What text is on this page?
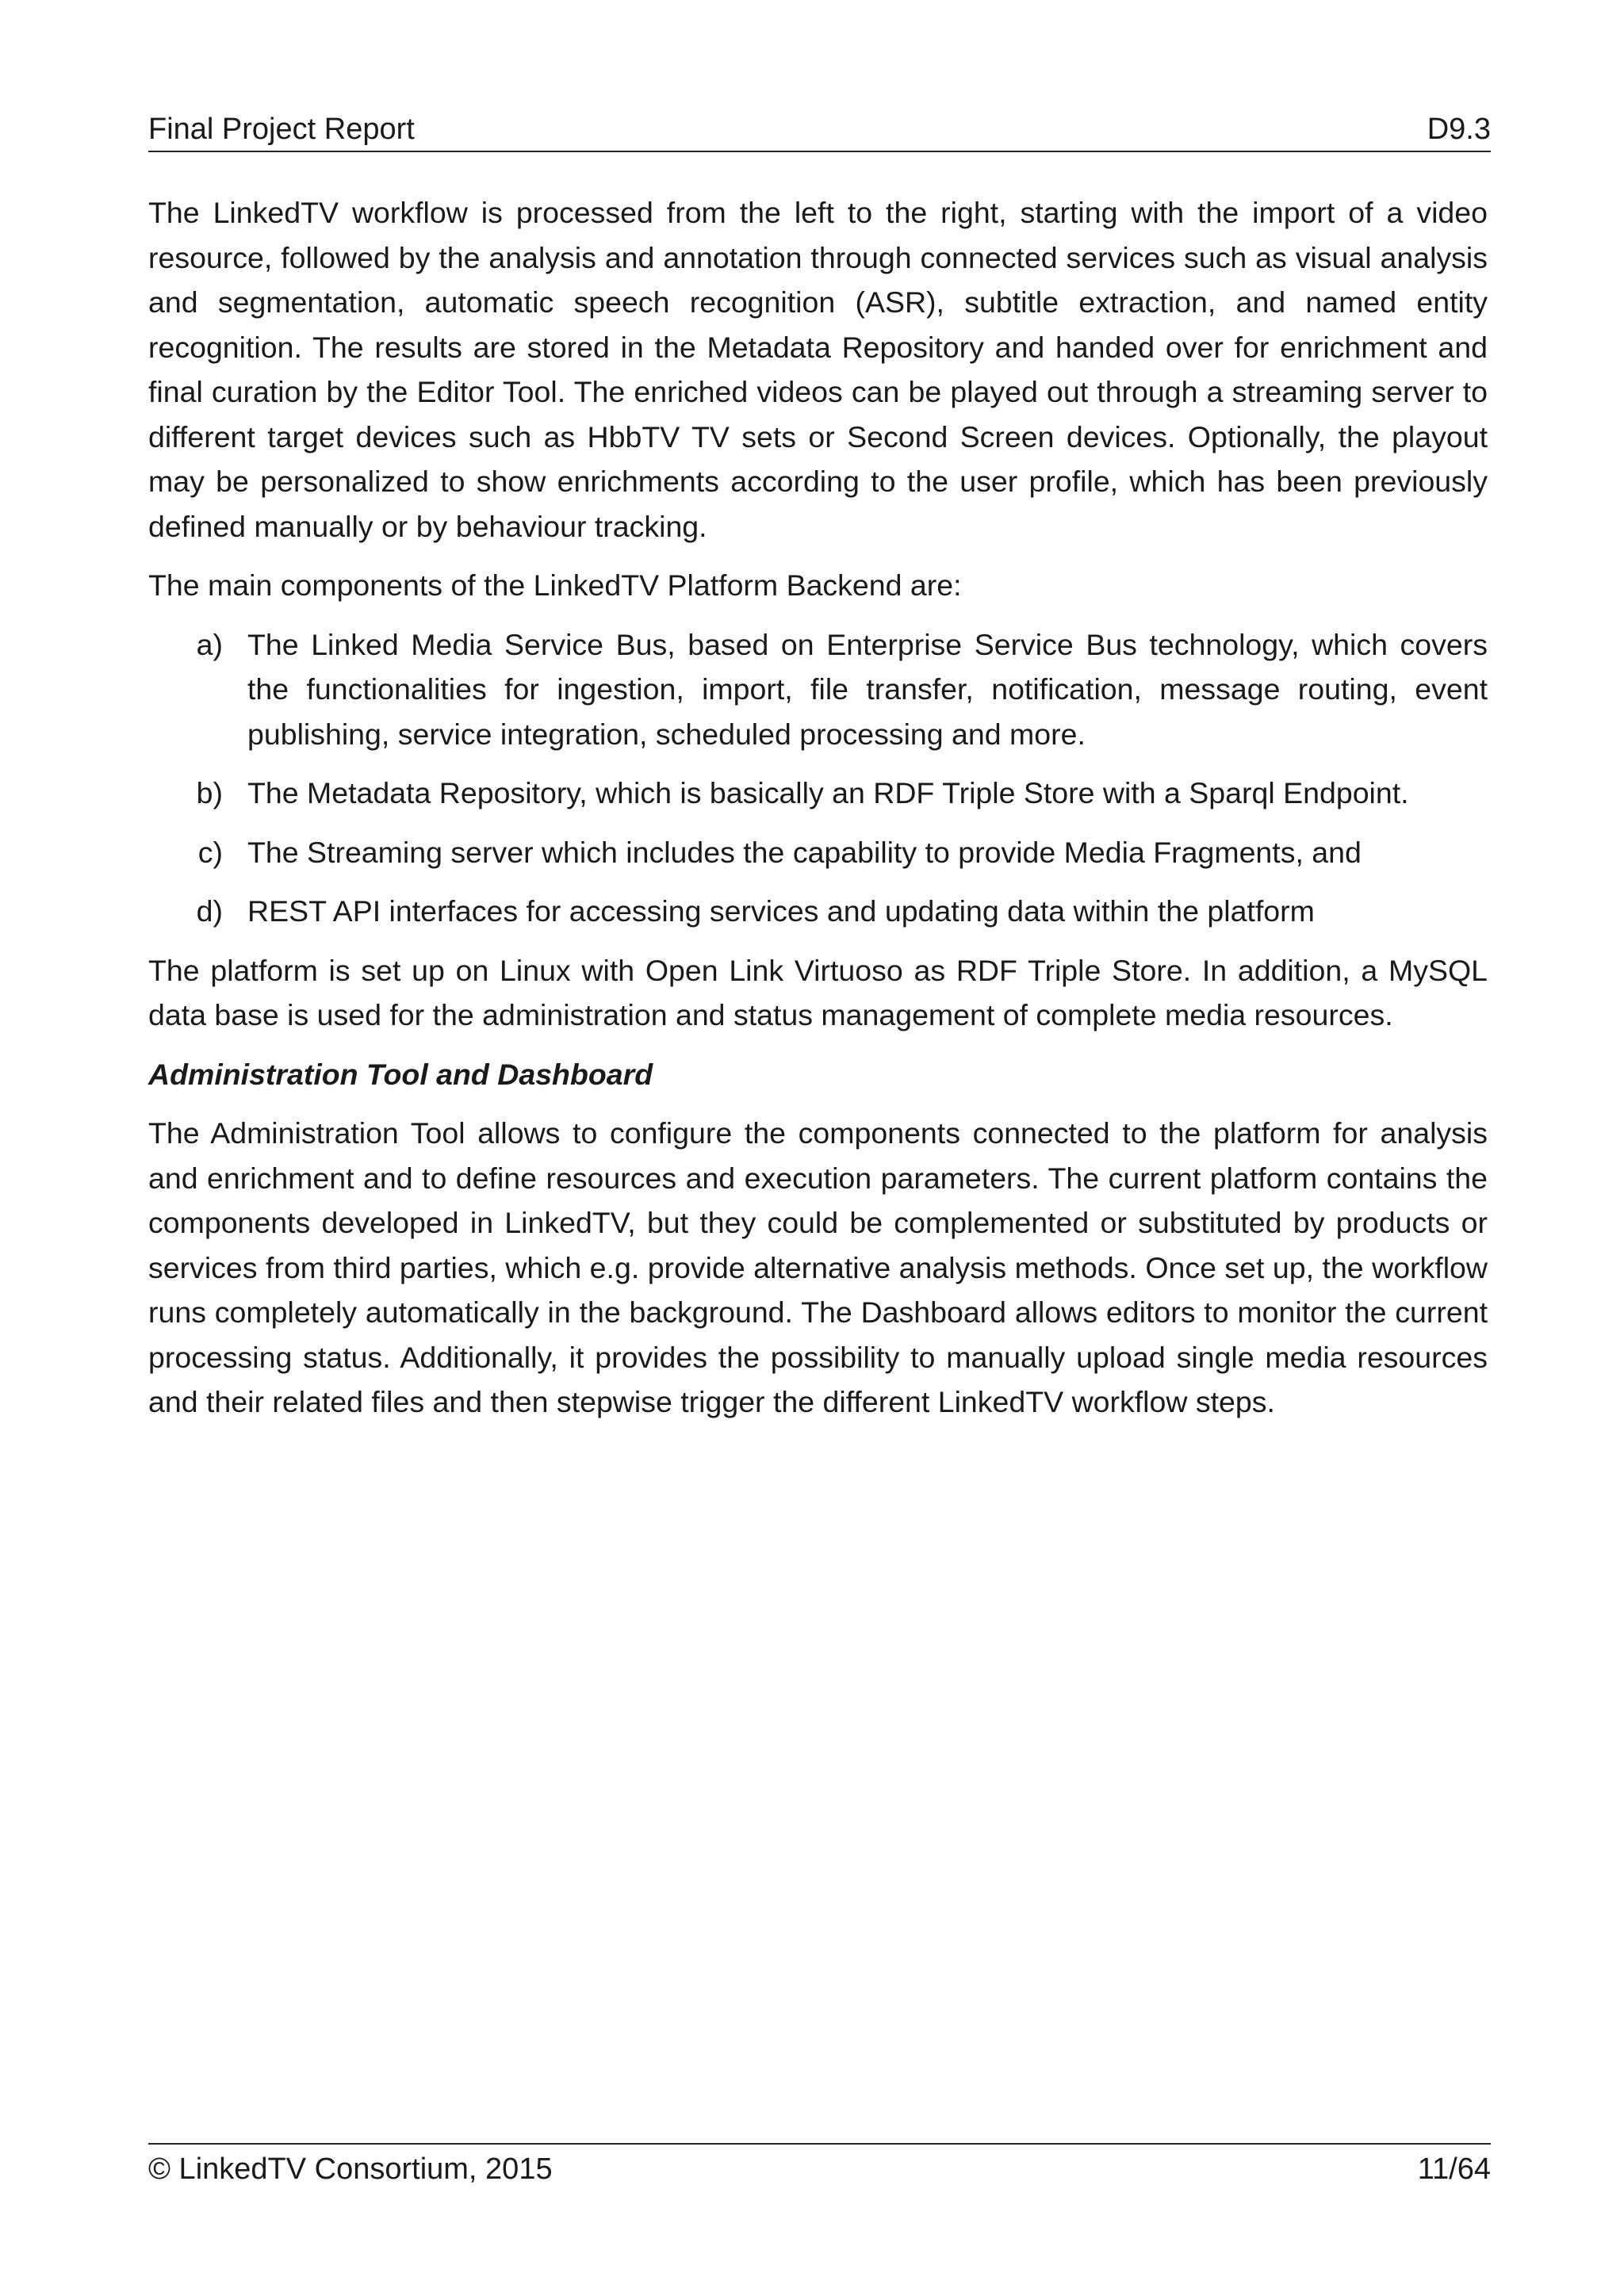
Final Project Report	D9.3

The LinkedTV workflow is processed from the left to the right, starting with the import of a video resource, followed by the analysis and annotation through connected services such as visual analysis and segmentation, automatic speech recognition (ASR), subtitle extraction, and named entity recognition. The results are stored in the Metadata Repository and handed over for enrichment and final curation by the Editor Tool. The enriched videos can be played out through a streaming server to different target devices such as HbbTV TV sets or Second Screen devices. Optionally, the playout may be personalized to show enrichments according to the user profile, which has been previously defined manually or by behaviour tracking.

The main components of the LinkedTV Platform Backend are:

a) The Linked Media Service Bus, based on Enterprise Service Bus technology, which covers the functionalities for ingestion, import, file transfer, notification, message routing, event publishing, service integration, scheduled processing and more.
b) The Metadata Repository, which is basically an RDF Triple Store with a Sparql Endpoint.
c) The Streaming server which includes the capability to provide Media Fragments, and
d) REST API interfaces for accessing services and updating data within the platform

The platform is set up on Linux with Open Link Virtuoso as RDF Triple Store. In addition, a MySQL data base is used for the administration and status management of complete media resources.

Administration Tool and Dashboard

The Administration Tool allows to configure the components connected to the platform for analysis and enrichment and to define resources and execution parameters. The current platform contains the components developed in LinkedTV, but they could be complemented or substituted by products or services from third parties, which e.g. provide alternative analysis methods. Once set up, the workflow runs completely automatically in the background. The Dashboard allows editors to monitor the current processing status. Additionally, it provides the possibility to manually upload single media resources and their related files and then stepwise trigger the different LinkedTV workflow steps.

© LinkedTV Consortium, 2015	11/64
